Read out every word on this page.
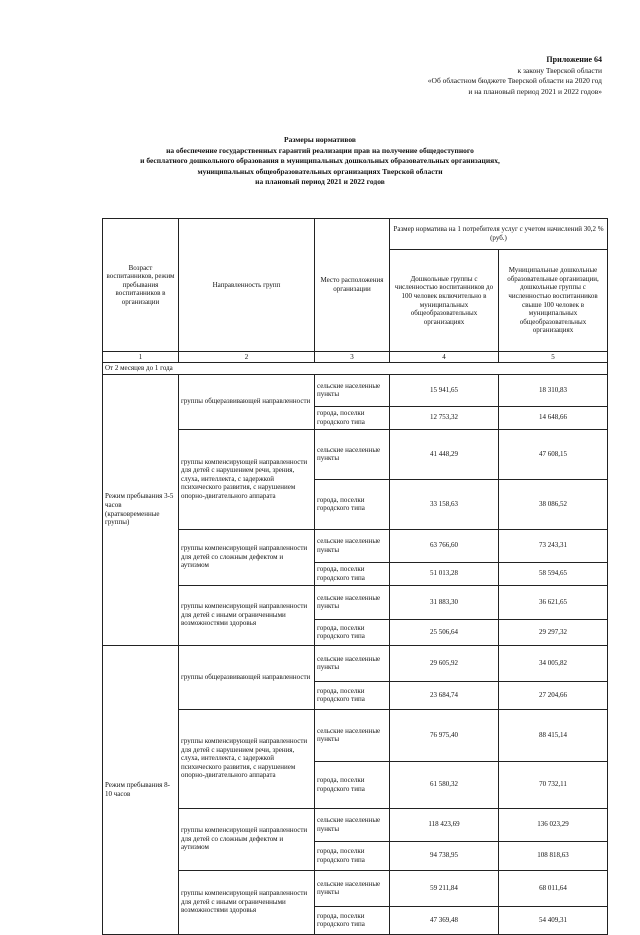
Приложение 64
к закону Тверской области
«Об областном бюджете Тверской области на 2020 год
и на плановый период 2021 и 2022 годов»
Размеры нормативов
на обеспечение государственных гарантий реализации прав на получение общедоступного
и бесплатного дошкольного образования в муниципальных дошкольных образовательных организациях,
муниципальных общеобразовательных организациях Тверской области
на плановый период 2021 и 2022 годов
Возраст воспитанников, режим пребывания воспитанников в организации	Направленность групп	Место расположения организации	Размер норматива на 1 потребителя услуг с учетом начислений 30,2 % (руб.)	
			Дошкольные группы с численностью воспитанников до 100 человек включительно в муниципальных общеобразовательных организациях	Муниципальные дошкольные образовательные организации, дошкольные группы с численностью воспитанников свыше 100 человек в муниципальных общеобразовательных организациях
1	2	3	4	5
От 2 месяцев до 1 года				
Режим пребывания 3-5 часов (кратковременные группы)	группы общеразвивающей направленности	сельские населенные пункты	15 941,65	18 310,83
		города, поселки городского типа	12 753,32	14 648,66
	группы компенсирующей направленности для детей с нарушением речи, зрения, слуха, интеллекта, с задержкой психического развития, с нарушением опорно-двигательного аппарата	сельские населенные пункты	41 448,29	47 608,15
		города, поселки городского типа	33 158,63	38 086,52
	группы компенсирующей направленности для детей со сложным дефектом и аутизмом	сельские населенные пункты	63 766,60	73 243,31
		города, поселки городского типа	51 013,28	58 594,65
	группы компенсирующей направленности для детей с иными ограниченными возможностями здоровья	сельские населенные пункты	31 883,30	36 621,65
		города, поселки городского типа	25 506,64	29 297,32
Режим пребывания 8- 10 часов	группы общеразвивающей направленности	сельские населенные пункты	29 605,92	34 005,82
		города, поселки городского типа	23 684,74	27 204,66
	группы компенсирующей направленности для детей с нарушением речи, зрения, слуха, интеллекта, с задержкой психического развития, с нарушением опорно-двигательного аппарата	сельские населенные пункты	76 975,40	88 415,14
		города, поселки городского типа	61 580,32	70 732,11
	группы компенсирующей направленности для детей со сложным дефектом и аутизмом	сельские населенные пункты	118 423,69	136 023,29
		города, поселки городского типа	94 738,95	108 818,63
	группы компенсирующей направленности для детей с иными ограниченными возможностями здоровья	сельские населенные пункты	59 211,84	68 011,64
		города, поселки городского типа	47 369,48	54 409,31
